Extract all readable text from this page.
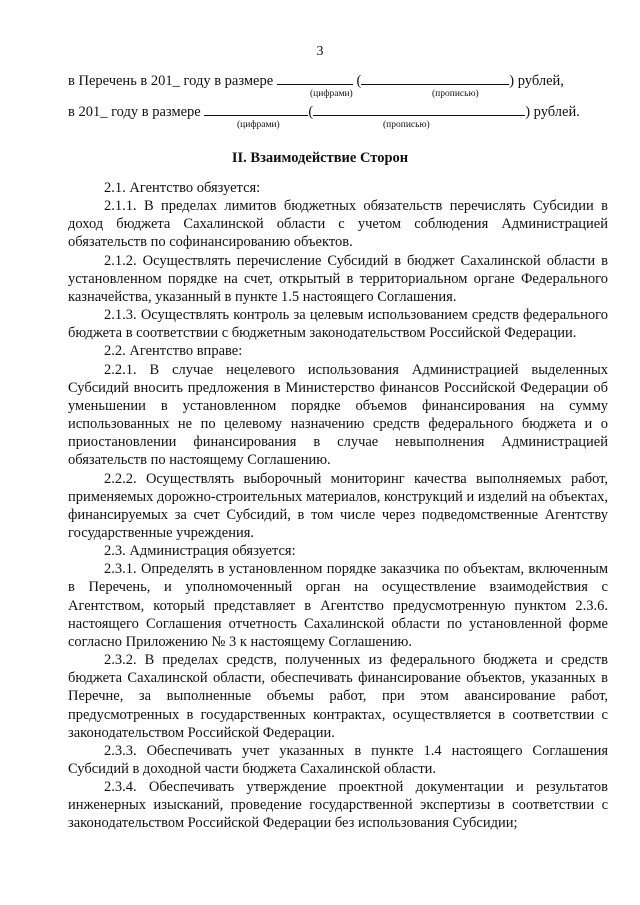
3
в Перечень в 201_ году в размере	(	) рублей,
(цифрами)	(прописью)
в 201_ году в размере	(	) рублей.
(цифрами)	(прописью)
II. Взаимодействие Сторон

2.1. Агентство обязуется:

2.1.1. В пределах лимитов бюджетных обязательств перечислять Субсидии в доход бюджета Сахалинской области с учетом соблюдения Администрацией обязательств по софинансированию объектов.

2.1.2. Осуществлять перечисление Субсидий в бюджет Сахалинской области в установленном порядке на счет, открытый в территориальном органе Федерального казначейства, указанный в пункте 1.5 настоящего Соглашения.

2.1.3. Осуществлять контроль за целевым использованием средств федерального бюджета в соответствии с бюджетным законодательством Российской Федерации.

2.2. Агентство вправе:

2.2.1. В случае нецелевого использования Администрацией выделенных Субсидий вносить предложения в Министерство финансов Российской Федерации об уменьшении в установленном порядке объемов финансирования на сумму использованных не по целевому назначению средств федерального бюджета и о приостановлении финансирования в случае невыполнения Администрацией обязательств по настоящему Соглашению.

2.2.2. Осуществлять выборочный мониторинг качества выполняемых работ, применяемых дорожно-строительных материалов, конструкций и изделий на объектах, финансируемых за счет Субсидий, в том числе через подведомственные Агентству государственные учреждения.

2.3. Администрация обязуется:

2.3.1. Определять в установленном порядке заказчика по объектам, включенным в Перечень, и уполномоченный орган на осуществление взаимодействия с Агентством, который представляет в Агентство предусмотренную пунктом 2.3.6. настоящего Соглашения отчетность Сахалинской области по установленной форме согласно Приложению № 3 к настоящему Соглашению.

2.3.2. В пределах средств, полученных из федерального бюджета и средств бюджета Сахалинской области, обеспечивать финансирование объектов, указанных в Перечне, за выполненные объемы работ, при этом авансирование работ, предусмотренных в государственных контрактах, осуществляется в соответствии с законодательством Российской Федерации.

2.3.3. Обеспечивать учет указанных в пункте 1.4 настоящего Соглашения Субсидий в доходной части бюджета Сахалинской области.

2.3.4. Обеспечивать утверждение проектной документации и результатов инженерных изысканий, проведение государственной экспертизы в соответствии с законодательством Российской Федерации без использования Субсидии;
